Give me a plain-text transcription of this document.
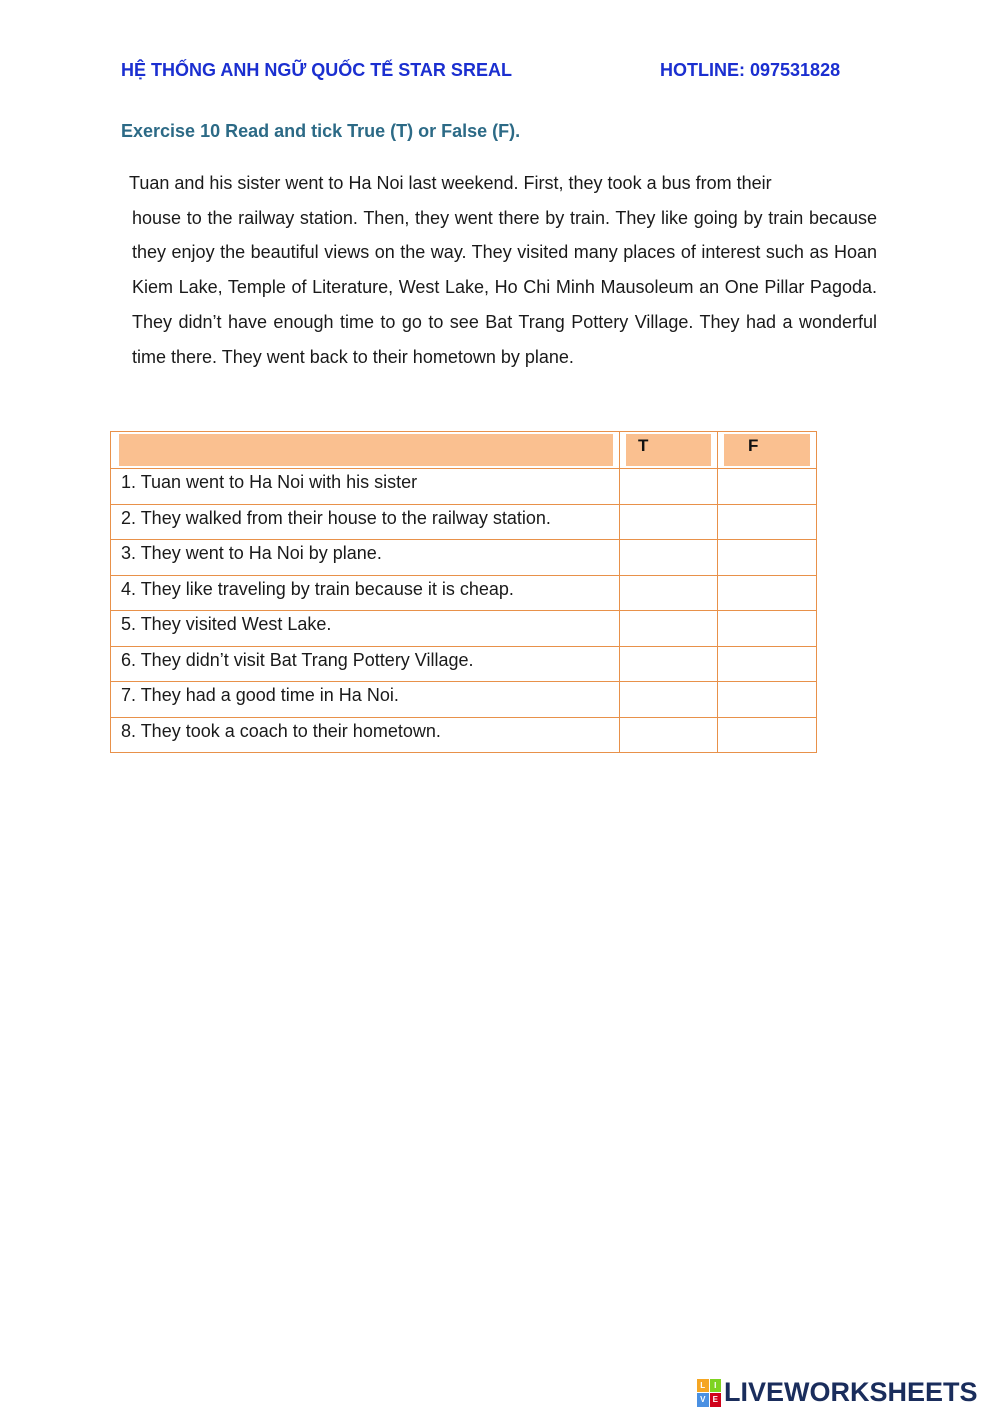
HỆ THỐNG ANH NGỮ QUỐC TẾ STAR SREAL	HOTLINE: 097531828
Exercise 10 Read and tick True (T) or False (F).
Tuan and his sister went to Ha Noi last weekend. First, they took a bus from their
house to the railway station. Then, they went there by train. They like going by train because they enjoy the beautiful views on the way. They visited many places of interest such as Hoan Kiem Lake, Temple of Literature, West Lake, Ho Chi Minh Mausoleum an One Pillar Pagoda. They didn’t have enough time to go to see Bat Trang Pottery Village. They had a wonderful time there. They went back to their hometown by plane.

	T	F

1. Tuan went to Ha Noi with his sister		
2. They walked from their house to the railway station.		
3. They went to Ha Noi by plane.		
4. They like traveling by train because it is cheap.		
5. They visited West Lake.		
6. They didn’t visit Bat Trang Pottery Village.		
7. They had a good time in Ha Noi.		
8. They took a coach to their hometown.		
L	I
V E LIVEWORKSHEETS
